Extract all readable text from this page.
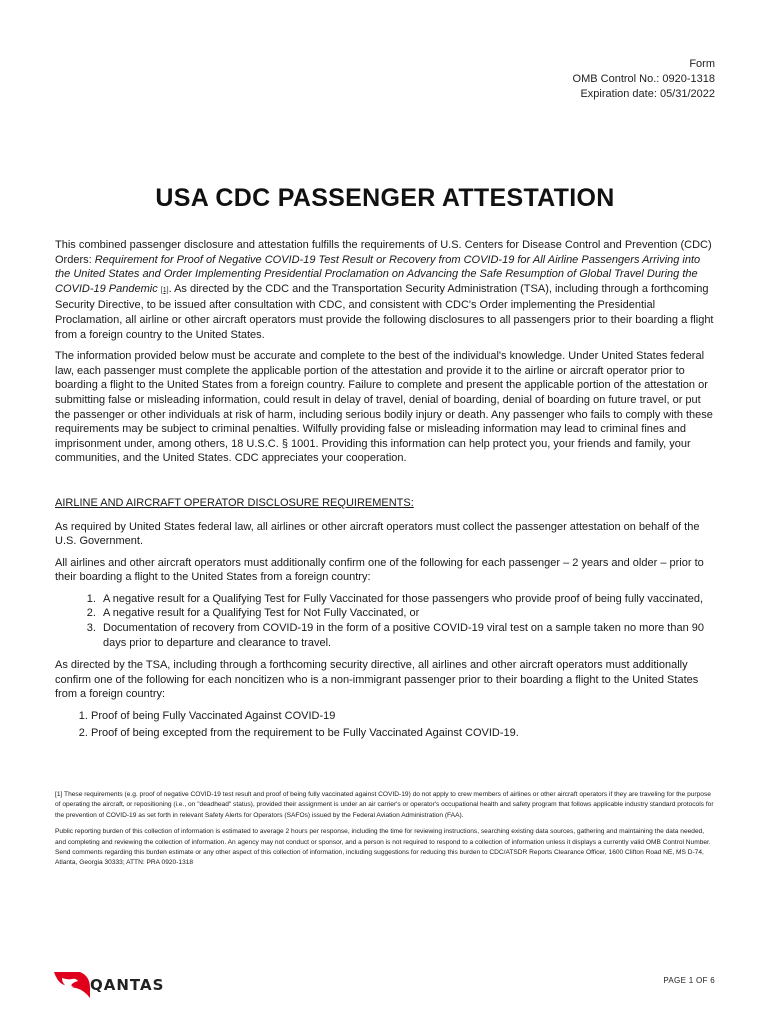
Form
OMB Control No.: 0920-1318
Expiration date: 05/31/2022
USA CDC PASSENGER ATTESTATION

This combined passenger disclosure and attestation fulfills the requirements of U.S. Centers for Disease Control and Prevention (CDC) Orders: Requirement for Proof of Negative COVID-19 Test Result or Recovery from COVID-19 for All Airline Passengers Arriving into the United States and Order Implementing Presidential Proclamation on Advancing the Safe Resumption of Global Travel During the COVID-19 Pandemic [1]. As directed by the CDC and the Transportation Security Administration (TSA), including through a forthcoming Security Directive, to be issued after consultation with CDC, and consistent with CDC's Order implementing the Presidential Proclamation, all airline or other aircraft operators must provide the following disclosures to all passengers prior to their boarding a flight from a foreign country to the United States.

The information provided below must be accurate and complete to the best of the individual's knowledge. Under United States federal law, each passenger must complete the applicable portion of the attestation and provide it to the airline or aircraft operator prior to boarding a flight to the United States from a foreign country. Failure to complete and present the applicable portion of the attestation or submitting false or misleading information, could result in delay of travel, denial of boarding, denial of boarding on future travel, or put the passenger or other individuals at risk of harm, including serious bodily injury or death. Any passenger who fails to comply with these requirements may be subject to criminal penalties. Wilfully providing false or misleading information may lead to criminal fines and imprisonment under, among others, 18 U.S.C. § 1001. Providing this information can help protect you, your friends and family, your communities, and the United States. CDC appreciates your cooperation.

AIRLINE AND AIRCRAFT OPERATOR DISCLOSURE REQUIREMENTS:

As required by United States federal law, all airlines or other aircraft operators must collect the passenger attestation on behalf of the U.S. Government.

All airlines and other aircraft operators must additionally confirm one of the following for each passenger – 2 years and older – prior to their boarding a flight to the United States from a foreign country:

1. A negative result for a Qualifying Test for Fully Vaccinated for those passengers who provide proof of being fully vaccinated,
2. A negative result for a Qualifying Test for Not Fully Vaccinated, or
3. Documentation of recovery from COVID-19 in the form of a positive COVID-19 viral test on a sample taken no more than 90 days prior to departure and clearance to travel.

As directed by the TSA, including through a forthcoming security directive, all airlines and other aircraft operators must additionally confirm one of the following for each noncitizen who is a non-immigrant passenger prior to their boarding a flight to the United States from a foreign country:

1. Proof of being Fully Vaccinated Against COVID-19
2. Proof of being excepted from the requirement to be Fully Vaccinated Against COVID-19.

[1] These requirements (e.g. proof of negative COVID-19 test result and proof of being fully vaccinated against COVID-19) do not apply to crew members of airlines or other aircraft operators if they are traveling for the purpose of operating the aircraft, or repositioning (i.e., on "deadhead" status), provided their assignment is under an air carrier's or operator's occupational health and safety program that follows applicable industry standard protocols for the prevention of COVID-19 as set forth in relevant Safety Alerts for Operators (SAFOs) issued by the Federal Aviation Administration (FAA).

Public reporting burden of this collection of information is estimated to average 2 hours per response, including the time for reviewing instructions, searching existing data sources, gathering and maintaining the data needed, and completing and reviewing the collection of information. An agency may not conduct or sponsor, and a person is not required to respond to a collection of information unless it displays a currently valid OMB Control Number. Send comments regarding this burden estimate or any other aspect of this collection of information, including suggestions for reducing this burden to CDC/ATSDR Reports Clearance Officer, 1600 Clifton Road NE, MS D-74, Atlanta, Georgia 30333; ATTN: PRA 0920-1318

QANTAS	PAGE 1 OF 6
